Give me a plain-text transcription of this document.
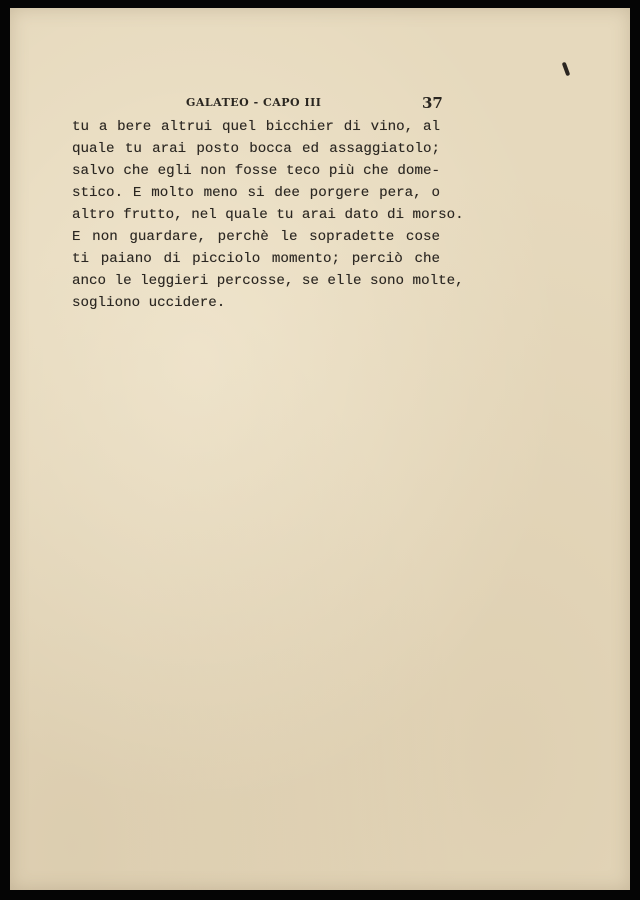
GALATEO - CAPO III	37
tu a bere altrui quel bicchier di vino, al
quale tu arai posto bocca ed assaggiatolo;
salvo che egli non fosse teco più che dome-
stico. E molto meno si dee porgere pera, o
altro frutto, nel quale tu arai dato di morso.
E non guardare, perchè le sopradette cose
ti paiano di picciolo momento; perciò che
anco le leggieri percosse, se elle sono molte,
sogliono uccidere.
